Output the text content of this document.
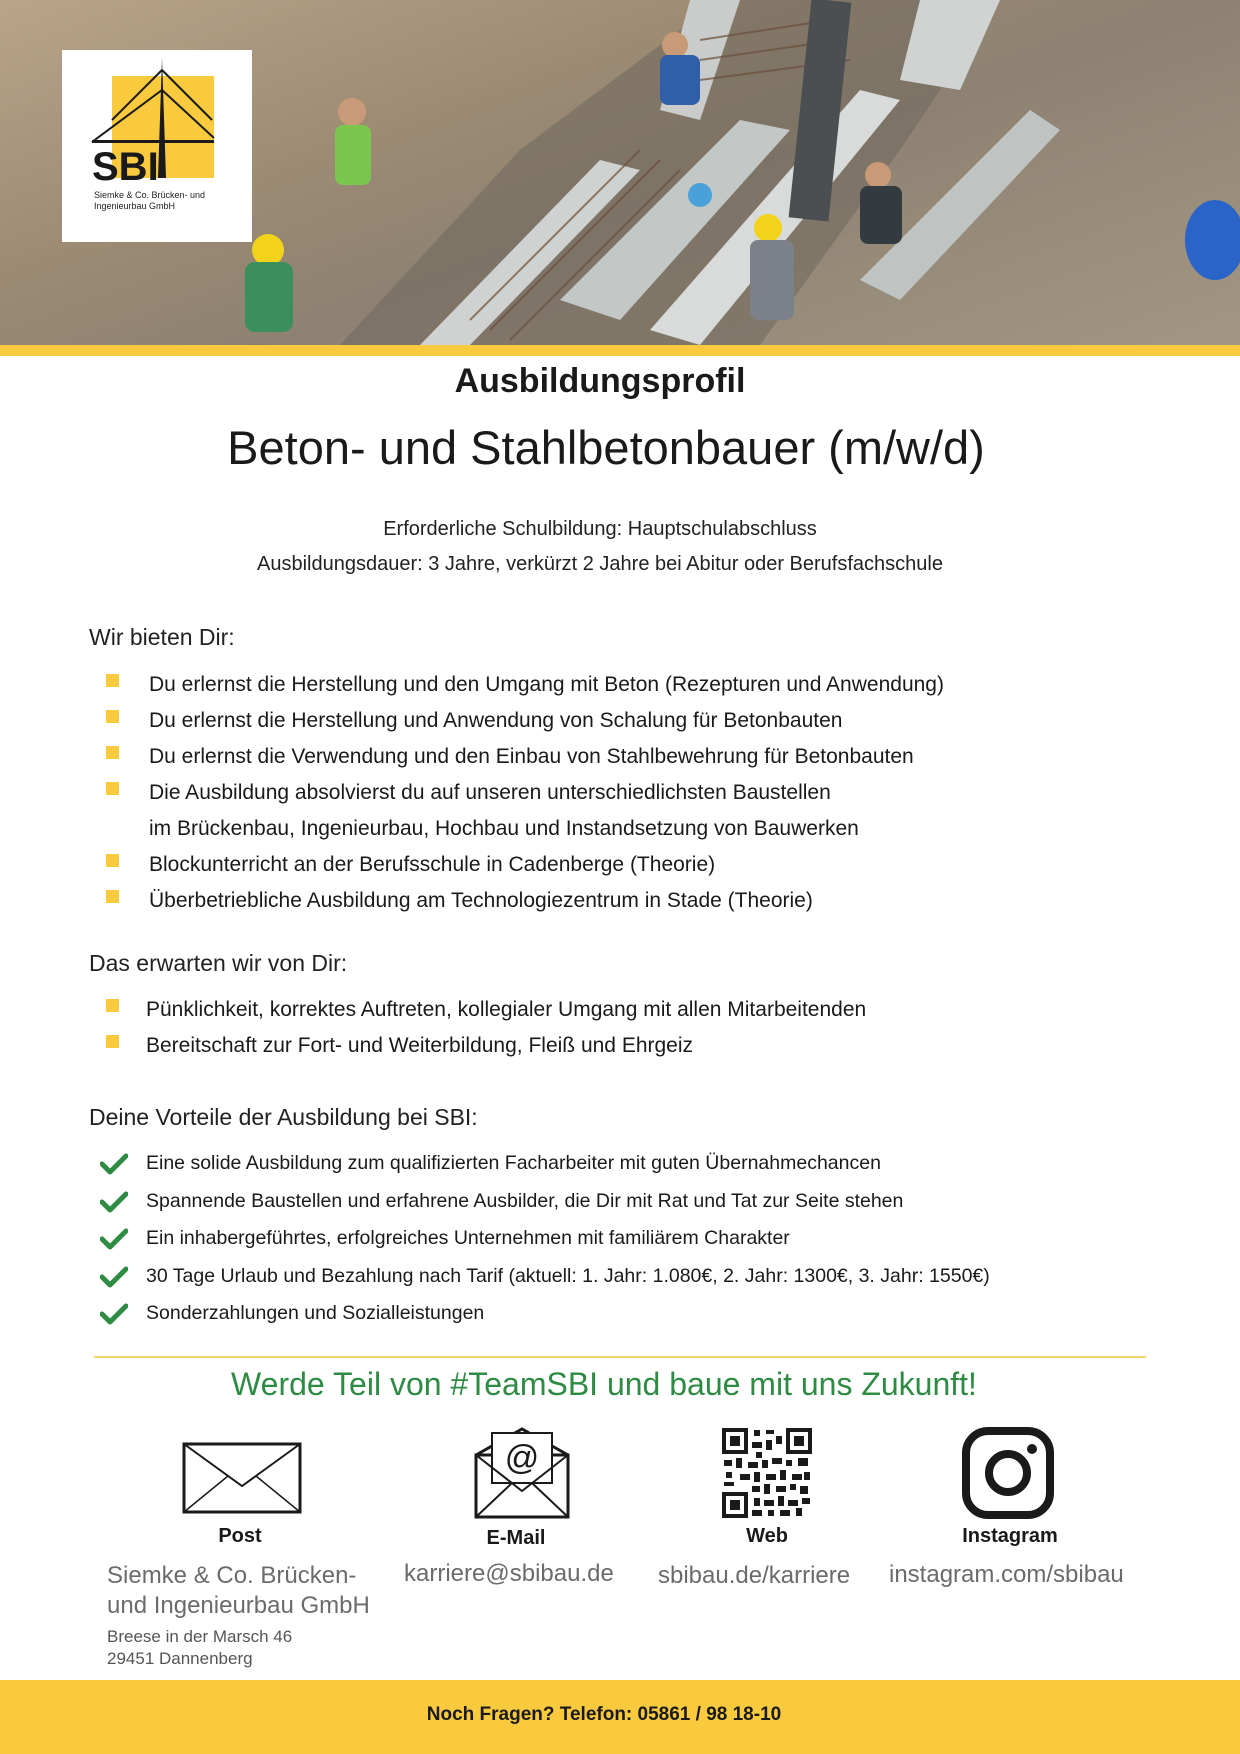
SBI
Siemke & Co. Brücken- und Ingenieurbau GmbH
Ausbildungsprofil
Beton- und Stahlbetonbauer (m/w/d)
Erforderliche Schulbildung: Hauptschulabschluss
Ausbildungsdauer: 3 Jahre, verkürzt 2 Jahre bei Abitur oder Berufsfachschule
Wir bieten Dir:
Du erlernst die Herstellung und den Umgang mit Beton (Rezepturen und Anwendung)
Du erlernst die Herstellung und Anwendung von Schalung für Betonbauten
Du erlernst die Verwendung und den Einbau von Stahlbewehrung für Betonbauten
Die Ausbildung absolvierst du auf unseren unterschiedlichsten Baustellen
im Brückenbau, Ingenieurbau, Hochbau und Instandsetzung von Bauwerken
Blockunterricht an der Berufsschule in Cadenberge (Theorie)
Überbetriebliche Ausbildung am Technologiezentrum in Stade (Theorie)
Das erwarten wir von Dir:
Pünklichkeit, korrektes Auftreten, kollegialer Umgang mit allen Mitarbeitenden
Bereitschaft zur Fort- und Weiterbildung, Fleiß und Ehrgeiz
Deine Vorteile der Ausbildung bei SBI:
Eine solide Ausbildung zum qualifizierten Facharbeiter mit guten Übernahmechancen
Spannende Baustellen und erfahrene Ausbilder, die Dir mit Rat und Tat zur Seite stehen
Ein inhabergeführtes, erfolgreiches Unternehmen mit familiärem Charakter
30 Tage Urlaub und Bezahlung nach Tarif (aktuell: 1. Jahr: 1.080€, 2. Jahr: 1300€, 3. Jahr: 1550€)
Sonderzahlungen und Sozialleistungen
Werde Teil von #TeamSBI und baue mit uns Zukunft!
Post
Siemke & Co. Brücken-
und Ingenieurbau GmbH
Breese in der Marsch 46
29451 Dannenberg
@
E-Mail
karriere@sbibau.de
Web
sbibau.de/karriere
Instagram
instagram.com/sbibau
Noch Fragen? Telefon: 05861 / 98 18-10
